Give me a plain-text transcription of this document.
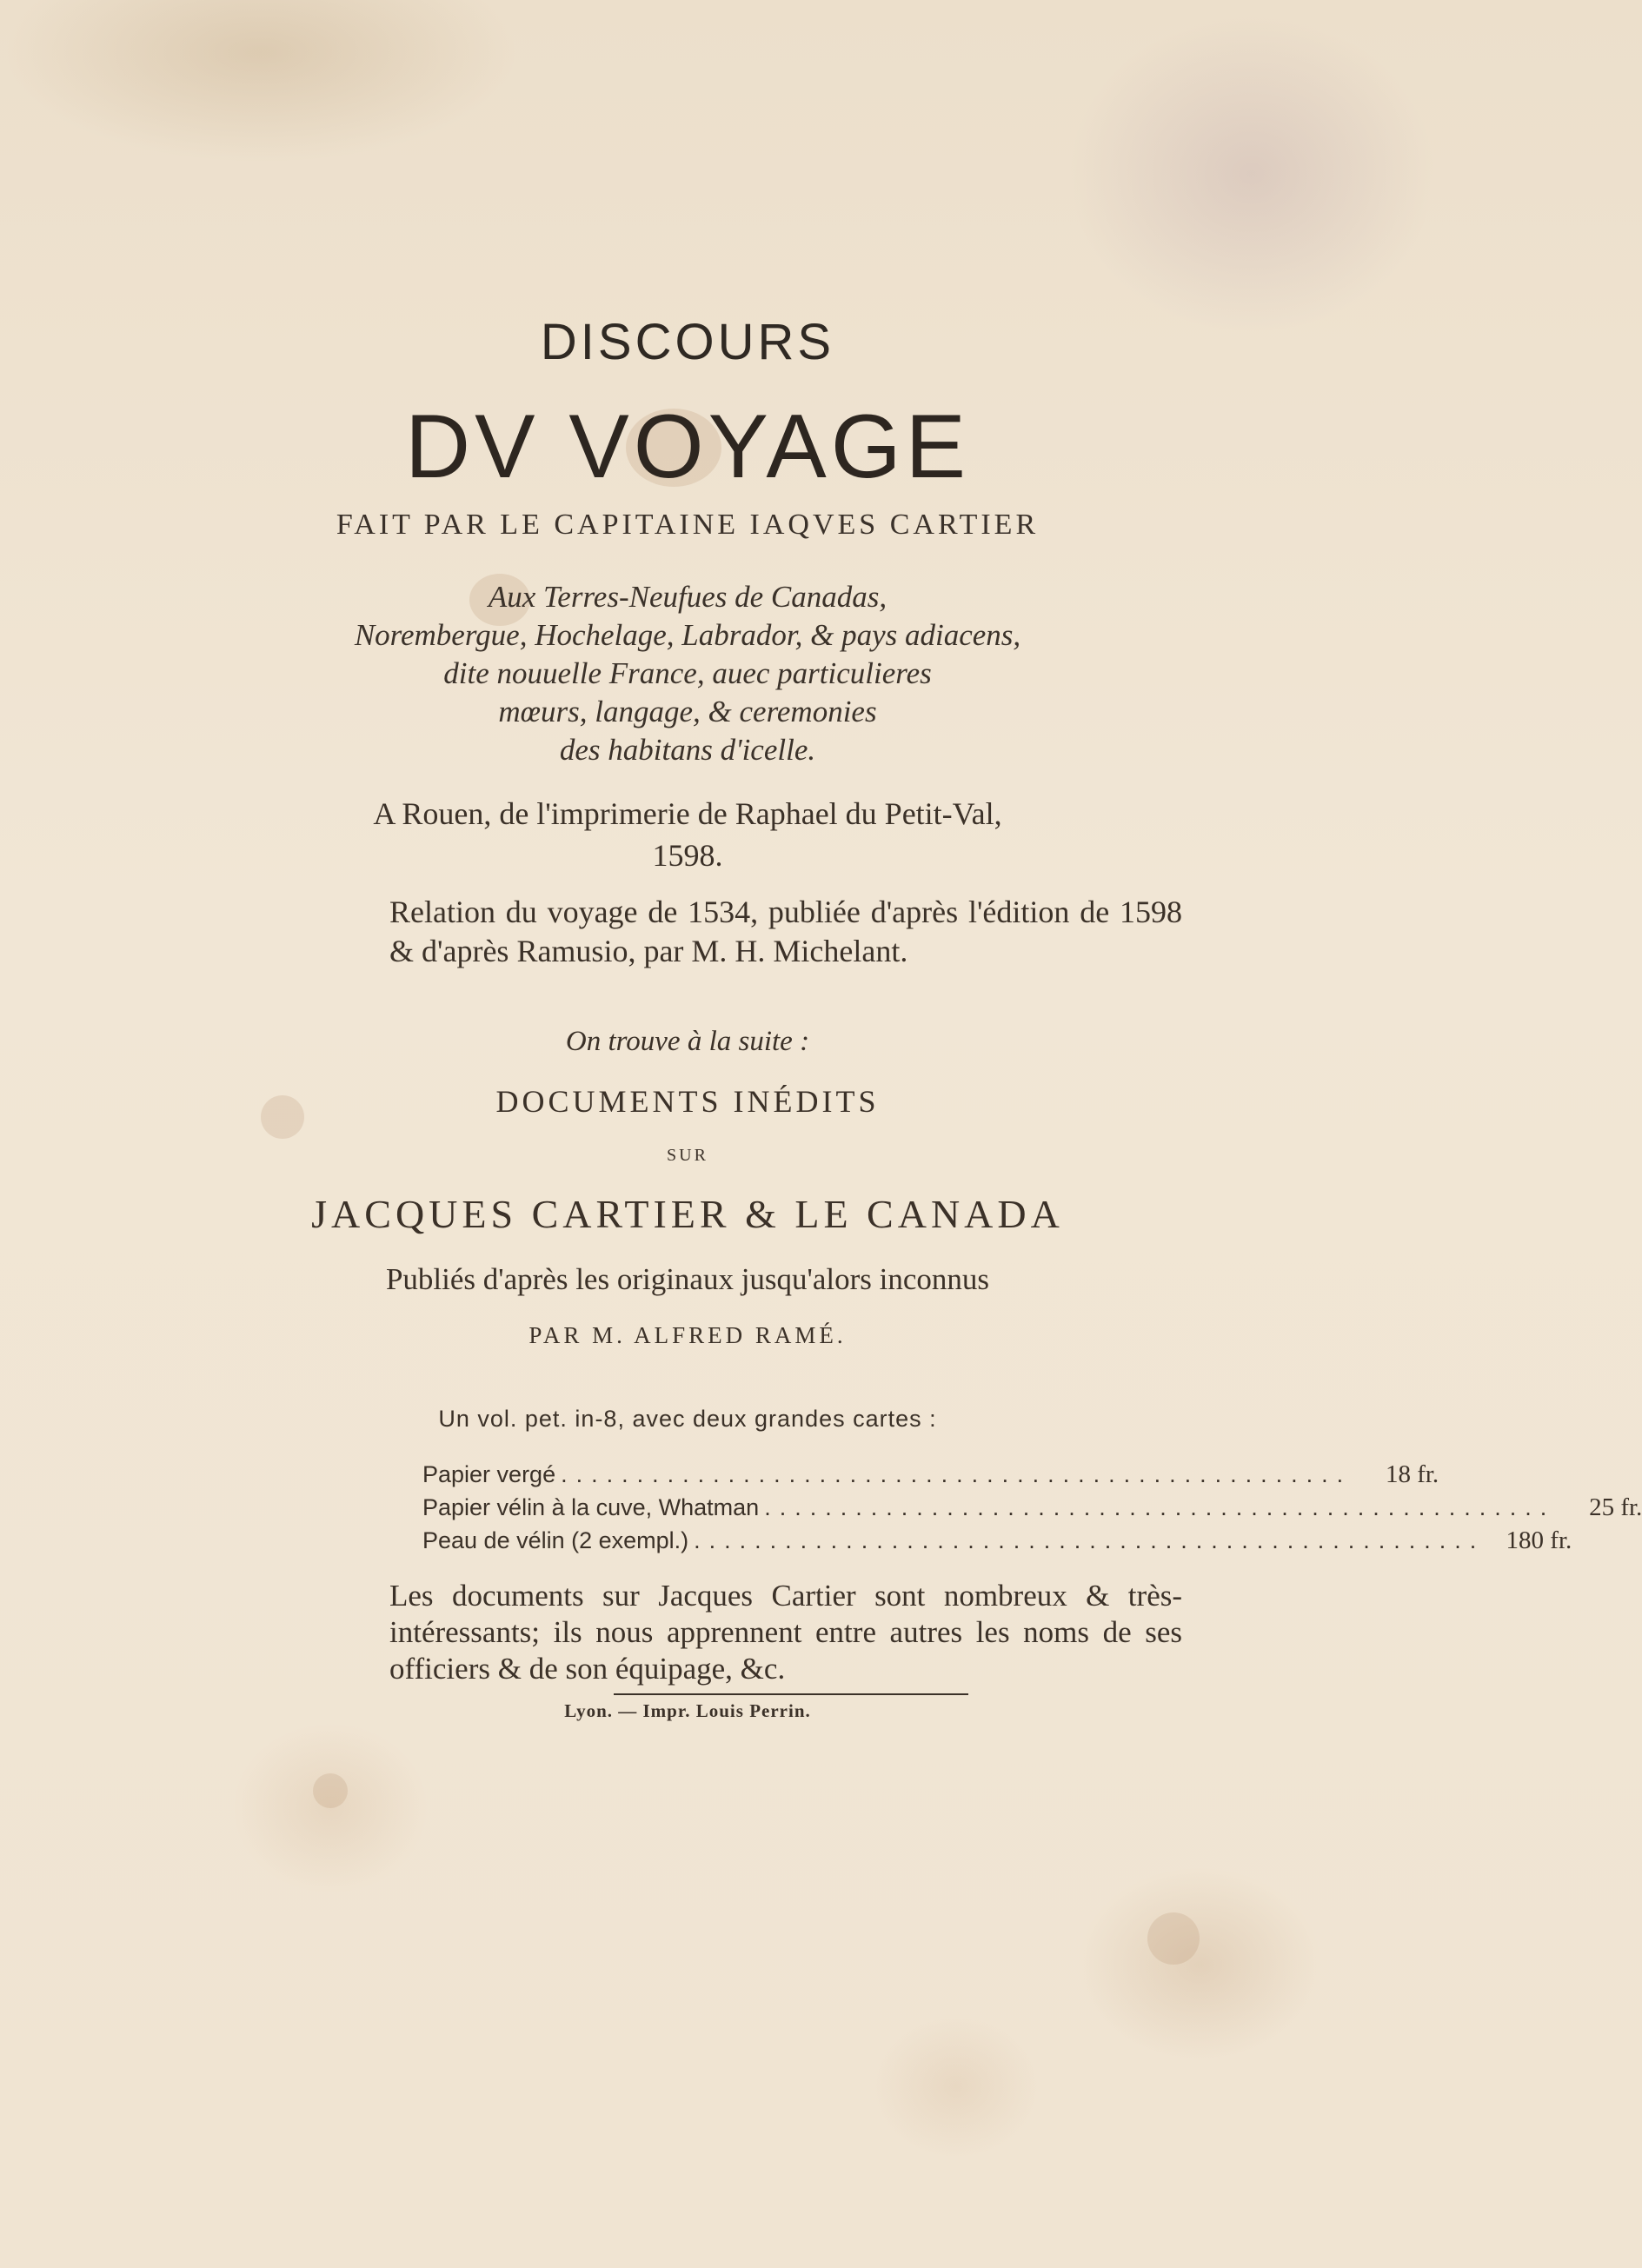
DISCOURS
DV VOYAGE
FAIT PAR LE CAPITAINE IAQVES CARTIER
Aux Terres-Neufues de Canadas,
Norembergue, Hochelage, Labrador, & pays adiacens,
dite nouuelle France, auec particulieres
mœurs, langage, & ceremonies
des habitans d'icelle.
A Rouen, de l'imprimerie de Raphael du Petit-Val,
1598.
Relation du voyage de 1534, publiée d'après l'édition de 1598 & d'après Ramusio, par M. H. Michelant.
On trouve à la suite :
DOCUMENTS INÉDITS
SUR
JACQUES CARTIER & LE CANADA
Publiés d'après les originaux jusqu'alors inconnus
PAR M. ALFRED RAMÉ.
Un vol. pet. in-8, avec deux grandes cartes :
Papier vergé ....................................................	18 fr.
Papier vélin à la cuve, Whatman ....................................................	25 fr.
Peau de vélin (2 exempl.) .................................................... 180 fr.
Les documents sur Jacques Cartier sont nombreux & très-intéressants; ils nous apprennent entre autres les noms de ses officiers & de son équipage, &c.
Lyon. — Impr. Louis Perrin.
